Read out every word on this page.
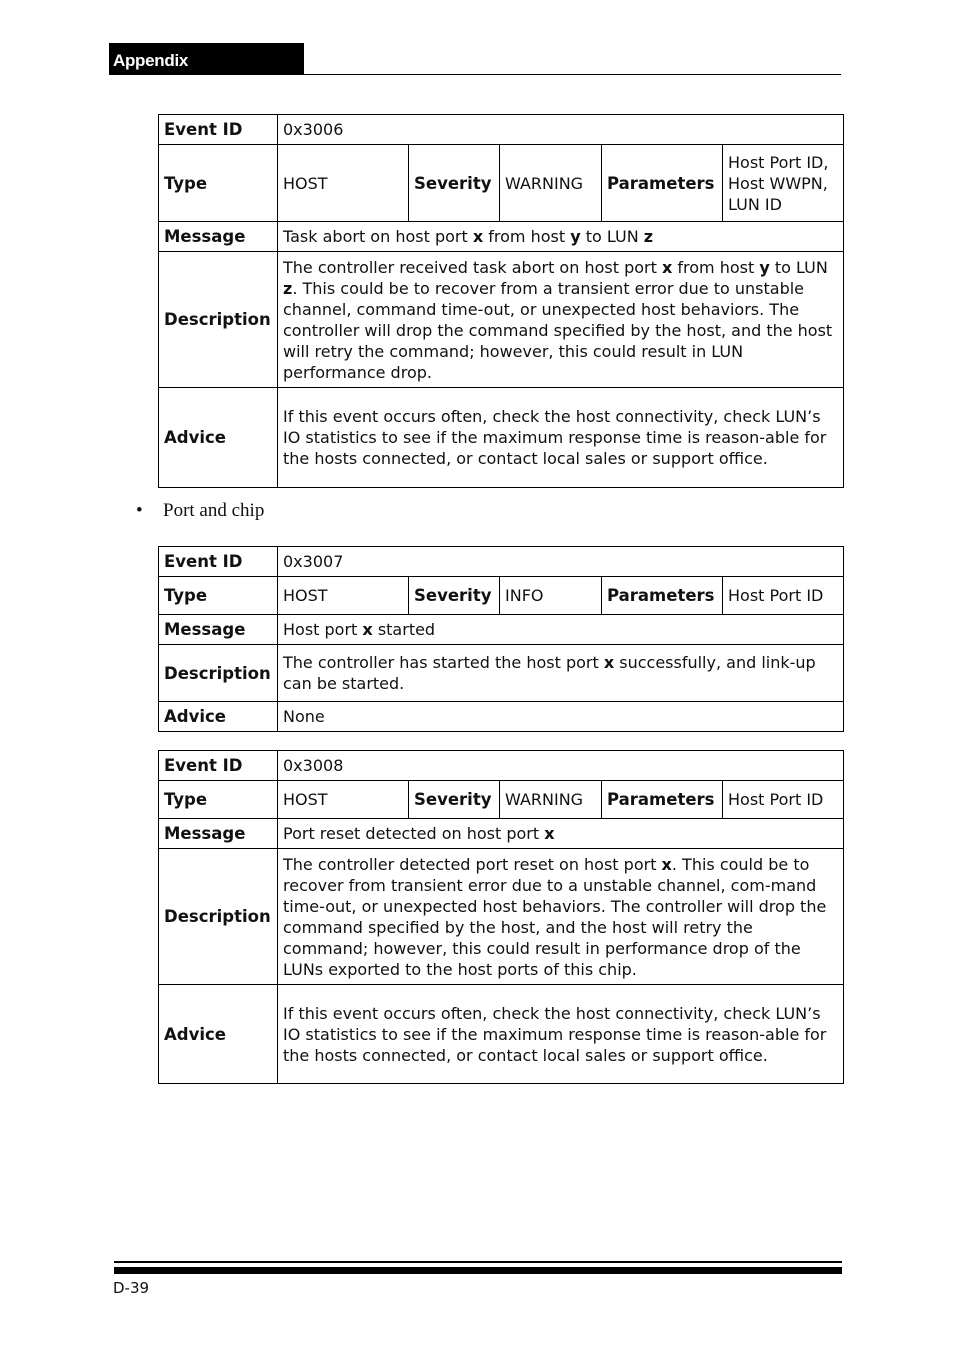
Appendix
Event ID	0x3006				
Type	HOST	Severity	WARNING	Parameters	Host Port ID,
Host WWPN,
LUN ID
Message	Task abort on host port x from host y to LUN z				
Description	The controller received task abort on host port x from host y to LUN z. This could be to recover from a transient error due to unstable channel, command time-out, or unexpected host behaviors. The controller will drop the command specified by the host, and the host will retry the command; however, this could result in LUN performance drop.				
Advice	If this event occurs often, check the host connectivity, check LUN’s IO statistics to see if the maximum response time is reason-able for the hosts connected, or contact local sales or support office.				
• Port and chip
Event ID	0x3007				
Type	HOST	Severity	INFO	Parameters	Host Port ID
Message	Host port x started				
Description	The controller has started the host port x successfully, and link-up can be started.				
Advice	None				
Event ID	0x3008				
Type	HOST	Severity	WARNING	Parameters	Host Port ID
Message	Port reset detected on host port x				
Description	The controller detected port reset on host port x. This could be to recover from transient error due to a unstable channel, com-mand time-out, or unexpected host behaviors. The controller will drop the command specified by the host, and the host will retry the command; however, this could result in performance drop of the LUNs exported to the host ports of this chip.				
Advice	If this event occurs often, check the host connectivity, check LUN’s IO statistics to see if the maximum response time is reason-able for the hosts connected, or contact local sales or support office.				
D-39
